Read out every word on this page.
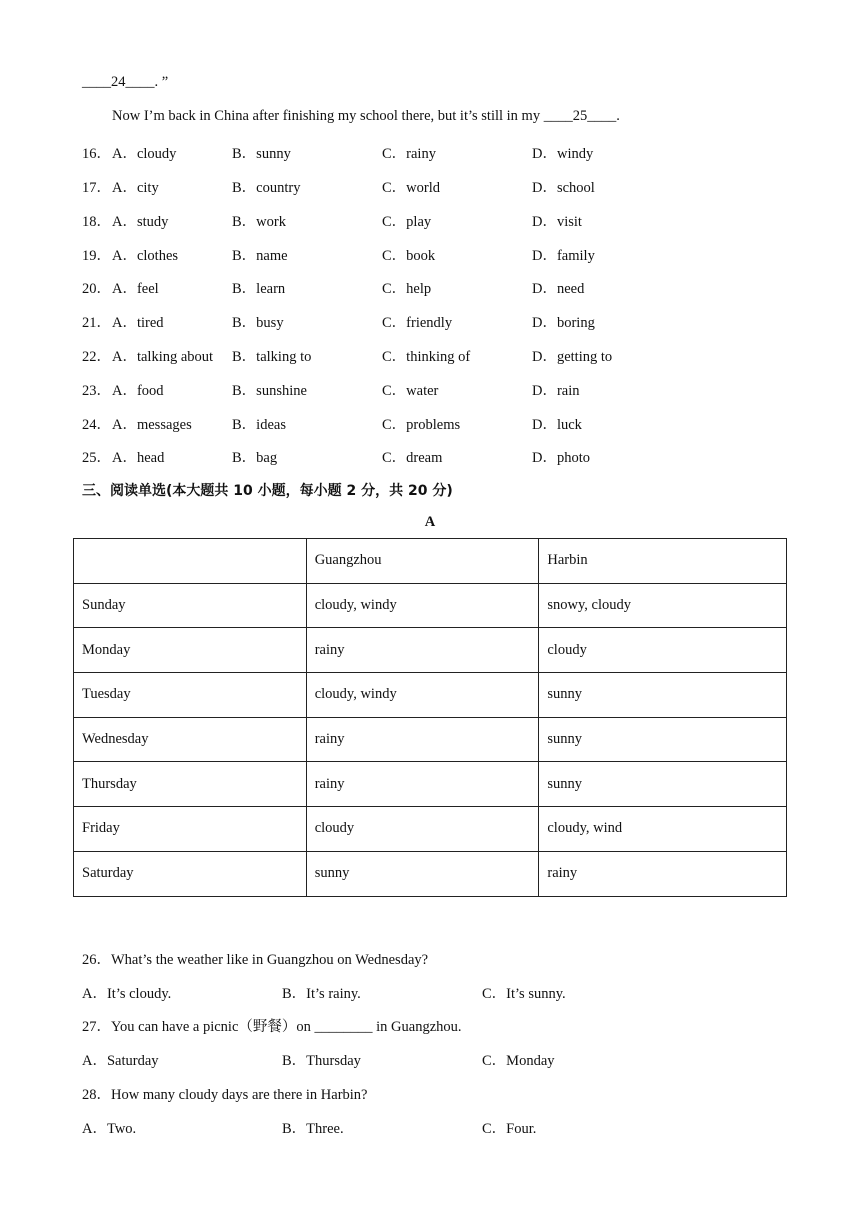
____24____. ”
Now I’m back in China after finishing my school there, but it’s still in my ____25____.
16． A．cloudy	B．sunny	C．rainy	D．windy
17． A．city	B．country	C．world	D．school
18． A．study	B．work	C．play	D．visit
19． A．clothes	B．name	C．book	D．family
20． A．feel	B．learn	C．help	D．need
21． A．tired	B．busy	C．friendly	D．boring
22． A．talking about B．talking to	C．thinking of	D．getting to
23． A．food	B．sunshine	C．water	D．rain
24． A．messages	B．ideas	C．problems	D．luck
25． A．head	B．bag	C．dream	D．photo
三、阅读单选(本大题共 10 小题，每小题 2 分，共 20 分)
A
	Guangzhou	Harbin
Sunday	cloudy, windy	snowy, cloudy
Monday	rainy	cloudy
Tuesday	cloudy, windy	sunny
Wednesday	rainy	sunny
Thursday	rainy	sunny
Friday	cloudy	cloudy, wind
Saturday	sunny	rainy
26．What’s the weather like in Guangzhou on Wednesday?
A．It’s cloudy.	B．It’s rainy.	C．It’s sunny.
27．You can have a picnic（野餐）on ________ in Guangzhou.
A．Saturday	B．Thursday	C．Monday
28．How many cloudy days are there in Harbin?
A．Two.	B．Three.	C．Four.
